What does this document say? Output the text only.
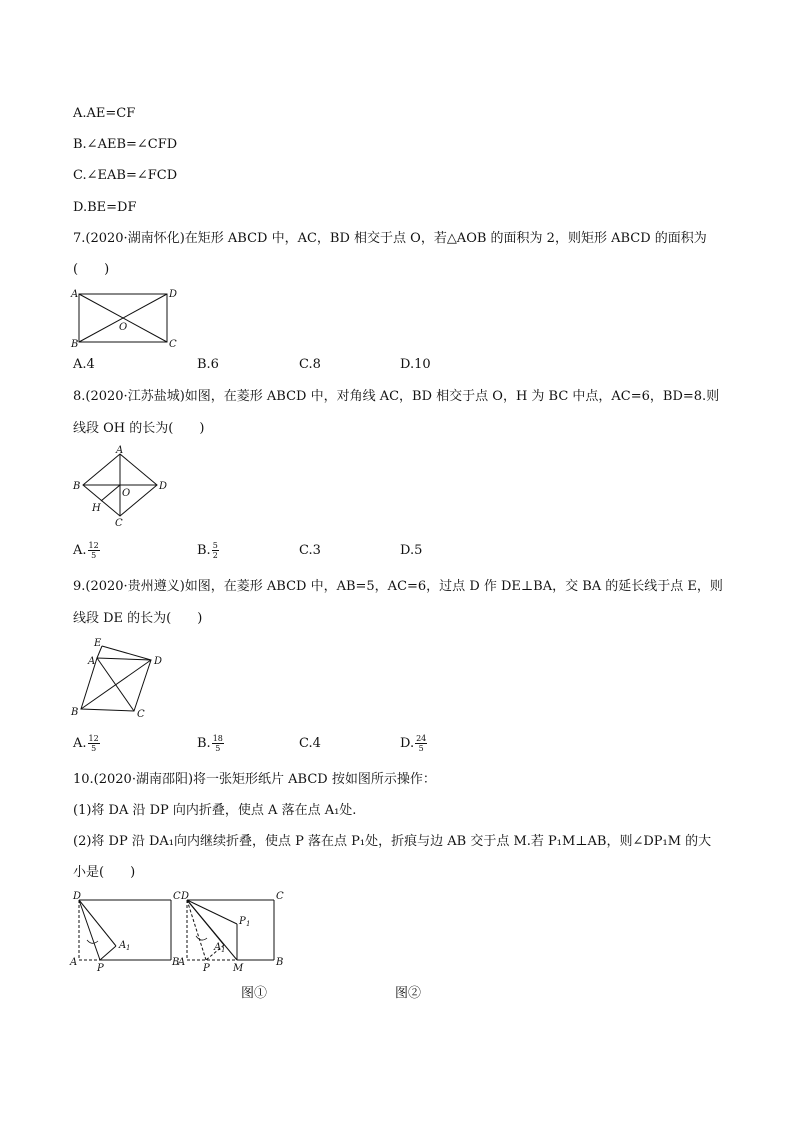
A.AE=CF
B.∠AEB=∠CFD
C.∠EAB=∠FCD
D.BE=DF
7.(2020·湖南怀化)在矩形 ABCD 中，AC，BD 相交于点 O，若△AOB 的面积为 2，则矩形 ABCD 的面积为
(　　)
A	D
O
B	C
A.4	B.6	C.8	D.10
8.(2020·江苏盐城)如图，在菱形 ABCD 中，对角线 AC，BD 相交于点 O，H 为 BC 中点，AC=6，BD=8.则
线段 OH 的长为(　　)
A
B
O
D
H
C
A. $\frac{12}{5}$	B. $\frac{5}{2}$	C.3	D.5
9.(2020·贵州遵义)如图，在菱形 ABCD 中，AB=5，AC=6，过点 D 作 DE⊥BA，交 BA 的延长线于点 E，则
线段 DE 的长为(　　)
E
A	D
B	C
A. $\frac{12}{5}$	B. $\frac{18}{5}$	C.4	D. $\frac{24}{5}$
10.(2020·湖南邵阳)将一张矩形纸片 ABCD 按如图所示操作：
(1)将 DA 沿 DP 向内折叠，使点 A 落在点 A₁处.
(2)将 DP 沿 DA₁向内继续折叠，使点 P 落在点 P₁处，折痕与边 AB 交于点 M.若 P₁M⊥AB，则∠DP₁M 的大
小是(　　)
D	C
A
A 1
P
B
D	C
P 1
A 1
A
P M
B
图①	图②
